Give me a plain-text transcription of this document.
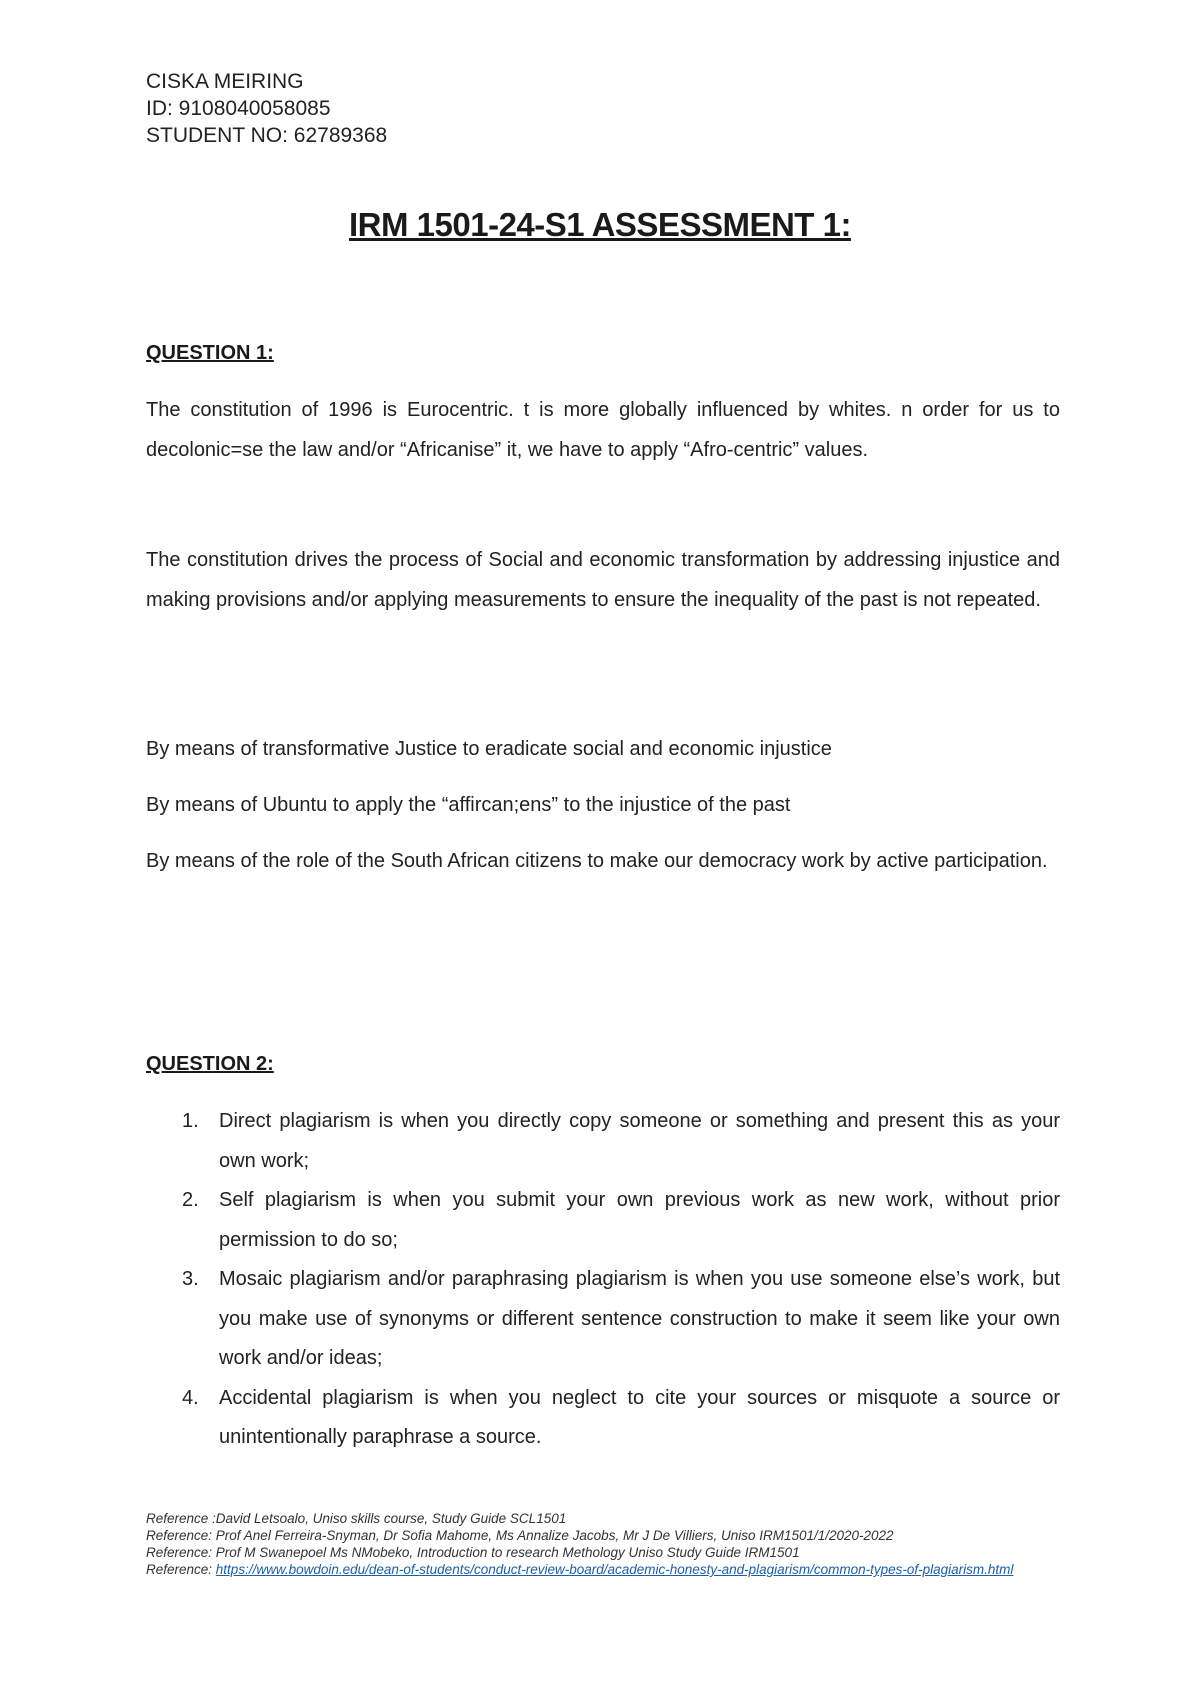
CISKA MEIRING
ID: 9108040058085
STUDENT NO: 62789368
IRM 1501-24-S1 ASSESSMENT 1:
QUESTION 1:
The constitution of 1996 is Eurocentric. t is more globally influenced by whites. n order for us to decolonic=se the law and/or “Africanise” it, we have to apply “Afro-centric” values.
The constitution drives the process of Social and economic transformation by addressing injustice and making provisions and/or applying measurements to ensure the inequality of the past is not repeated.
By means of transformative Justice to eradicate social and economic injustice
By means of Ubuntu to apply the “affircan;ens” to the injustice of the past
By means of the role of the South African citizens to make our democracy work by active participation.
QUESTION 2:
1. Direct plagiarism is when you directly copy someone or something and present this as your own work;
2. Self plagiarism is when you submit your own previous work as new work, without prior permission to do so;
3. Mosaic plagiarism and/or paraphrasing plagiarism is when you use someone else’s work, but you make use of synonyms or different sentence construction to make it seem like your own work and/or ideas;
4. Accidental plagiarism is when you neglect to cite your sources or misquote a source or unintentionally paraphrase a source.
Reference :David Letsoalo, Uniso skills course, Study Guide SCL1501
Reference: Prof Anel Ferreira-Snyman, Dr Sofia Mahome, Ms Annalize Jacobs, Mr J De Villiers, Uniso IRM1501/1/2020-2022
Reference: Prof M Swanepoel Ms NMobeko, Introduction to research Methology Uniso Study Guide IRM1501
Reference: https://www.bowdoin.edu/dean-of-students/conduct-review-board/academic-honesty-and-plagiarism/common-types-of-plagiarism.html
